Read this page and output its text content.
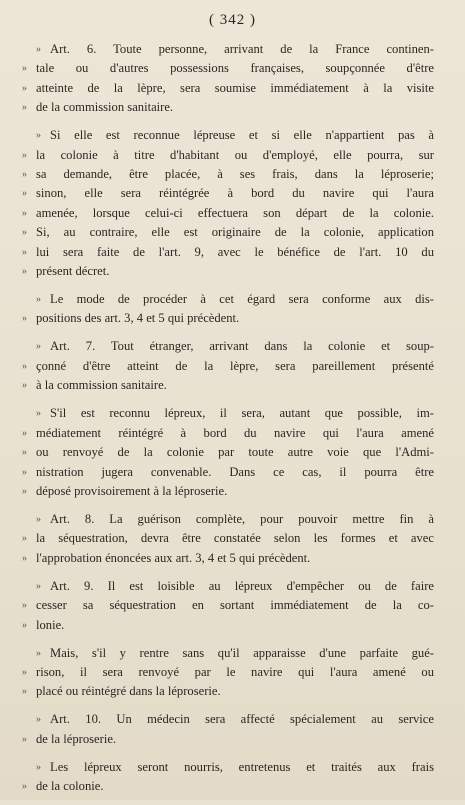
( 342 )
» Art. 6. Toute personne, arrivant de la France continen-
» tale ou d'autres possessions françaises, soupçonnée d'être
» atteinte de la lèpre, sera soumise immédiatement à la visite
» de la commission sanitaire.
» Si elle est reconnue lépreuse et si elle n'appartient pas à
» la colonie à titre d'habitant ou d'employé, elle pourra, sur
» sa demande, être placée, à ses frais, dans la léproserie;
» sinon, elle sera réintégrée à bord du navire qui l'aura
» amenée, lorsque celui-ci effectuera son départ de la colonie.
» Si, au contraire, elle est originaire de la colonie, application
» lui sera faite de l'art. 9, avec le bénéfice de l'art. 10 du
» présent décret.
» Le mode de procéder à cet égard sera conforme aux dis-
» positions des art. 3, 4 et 5 qui précèdent.
» Art. 7. Tout étranger, arrivant dans la colonie et soup-
» çonné d'être atteint de la lèpre, sera pareillement présenté
» à la commission sanitaire.
» S'il est reconnu lépreux, il sera, autant que possible, im-
» médiatement réintégré à bord du navire qui l'aura amené
» ou renvoyé de la colonie par toute autre voie que l'Admi-
» nistration jugera convenable. Dans ce cas, il pourra être
» déposé provisoirement à la léproserie.
» Art. 8. La guérison complète, pour pouvoir mettre fin à
» la séquestration, devra être constatée selon les formes et avec
» l'approbation énoncées aux art. 3, 4 et 5 qui précèdent.
» Art. 9. Il est loisible au lépreux d'empêcher ou de faire
» cesser sa séquestration en sortant immédiatement de la co-
» lonie.
» Mais, s'il y rentre sans qu'il apparaisse d'une parfaite gué-
» rison, il sera renvoyé par le navire qui l'aura amené ou
» placé ou réintégré dans la léproserie.
» Art. 10. Un médecin sera affecté spécialement au service
» de la léproserie.
» Les lépreux seront nourris, entretenus et traités aux frais
» de la colonie.
